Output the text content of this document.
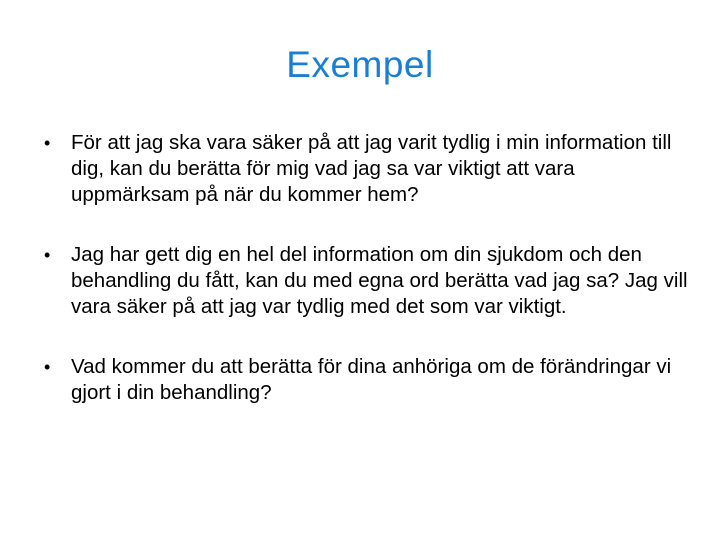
Exempel
• För att jag ska vara säker på att jag varit tydlig i min information till dig, kan du berätta för mig vad jag sa var viktigt att vara uppmärksam på när du kommer hem?
• Jag har gett dig en hel del information om din sjukdom och den behandling du fått, kan du med egna ord berätta vad jag sa? Jag vill vara säker på att jag var tydlig med det som var viktigt.
• Vad kommer du att berätta för dina anhöriga om de förändringar vi gjort i din behandling?
